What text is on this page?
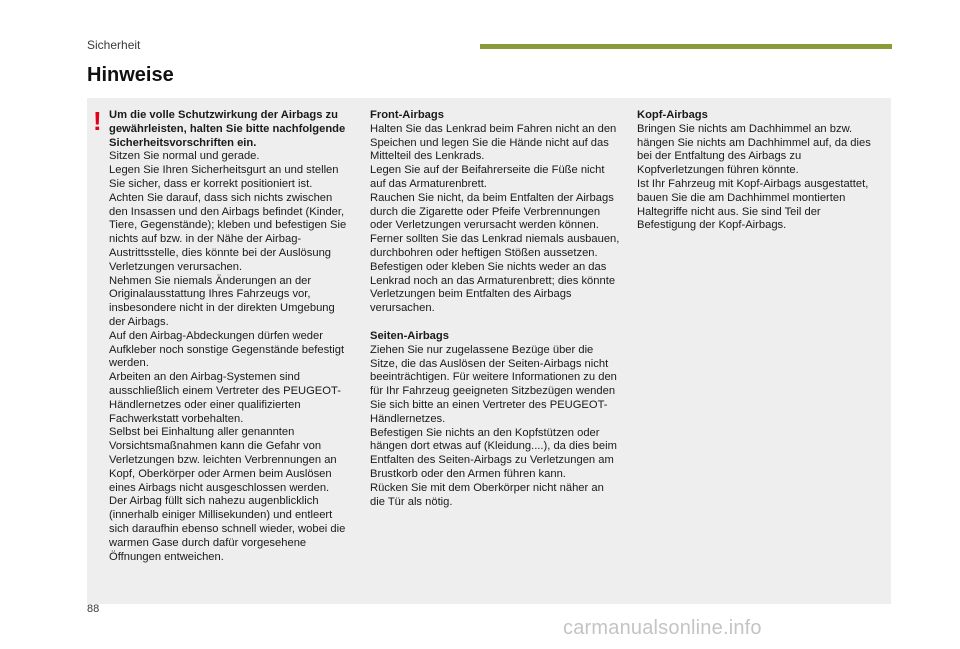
Sicherheit
Hinweise
! Um die volle Schutzwirkung der Airbags zu gewährleisten, halten Sie bitte nachfolgende Sicherheitsvorschriften ein.

Sitzen Sie normal und gerade.

Legen Sie Ihren Sicherheitsgurt an und stellen Sie sicher, dass er korrekt positioniert ist.

Achten Sie darauf, dass sich nichts zwischen den Insassen und den Airbags befindet (Kinder, Tiere, Gegenstände); kleben und befestigen Sie nichts auf bzw. in der Nähe der Airbag-Austrittsstelle, dies könnte bei der Auslösung Verletzungen verursachen.

Nehmen Sie niemals Änderungen an der Originalausstattung Ihres Fahrzeugs vor, insbesondere nicht in der direkten Umgebung der Airbags.

Auf den Airbag-Abdeckungen dürfen weder Aufkleber noch sonstige Gegenstände befestigt werden.

Arbeiten an den Airbag-Systemen sind ausschließlich einem Vertreter des PEUGEOT-Händlernetzes oder einer qualifizierten Fachwerkstatt vorbehalten.

Selbst bei Einhaltung aller genannten Vorsichtsmaßnahmen kann die Gefahr von Verletzungen bzw. leichten Verbrennungen an Kopf, Oberkörper oder Armen beim Auslösen eines Airbags nicht ausgeschlossen werden.

Der Airbag füllt sich nahezu augenblicklich (innerhalb einiger Millisekunden) und entleert sich daraufhin ebenso schnell wieder, wobei die warmen Gase durch dafür vorgesehene Öffnungen entweichen.

Front-Airbags

Halten Sie das Lenkrad beim Fahren nicht an den Speichen und legen Sie die Hände nicht auf das Mittelteil des Lenkrads.

Legen Sie auf der Beifahrerseite die Füße nicht auf das Armaturenbrett.

Rauchen Sie nicht, da beim Entfalten der Airbags durch die Zigarette oder Pfeife Verbrennungen oder Verletzungen verursacht werden können.

Ferner sollten Sie das Lenkrad niemals ausbauen, durchbohren oder heftigen Stößen aussetzen.

Befestigen oder kleben Sie nichts weder an das Lenkrad noch an das Armaturenbrett; dies könnte Verletzungen beim Entfalten des Airbags verursachen.

Seiten-Airbags

Ziehen Sie nur zugelassene Bezüge über die Sitze, die das Auslösen der Seiten-Airbags nicht beeinträchtigen. Für weitere Informationen zu den für Ihr Fahrzeug geeigneten Sitzbezügen wenden Sie sich bitte an einen Vertreter des PEUGEOT-Händlernetzes.

Befestigen Sie nichts an den Kopfstützen oder hängen dort etwas auf (Kleidung....), da dies beim Entfalten des Seiten-Airbags zu Verletzungen am Brustkorb oder den Armen führen kann.

Rücken Sie mit dem Oberkörper nicht näher an die Tür als nötig.

Kopf-Airbags

Bringen Sie nichts am Dachhimmel an bzw. hängen Sie nichts am Dachhimmel auf, da dies bei der Entfaltung des Airbags zu Kopfverletzungen führen könnte.

Ist Ihr Fahrzeug mit Kopf-Airbags ausgestattet, bauen Sie die am Dachhimmel montierten Haltegriffe nicht aus. Sie sind Teil der Befestigung der Kopf-Airbags.

88
carmanualsonline.info
